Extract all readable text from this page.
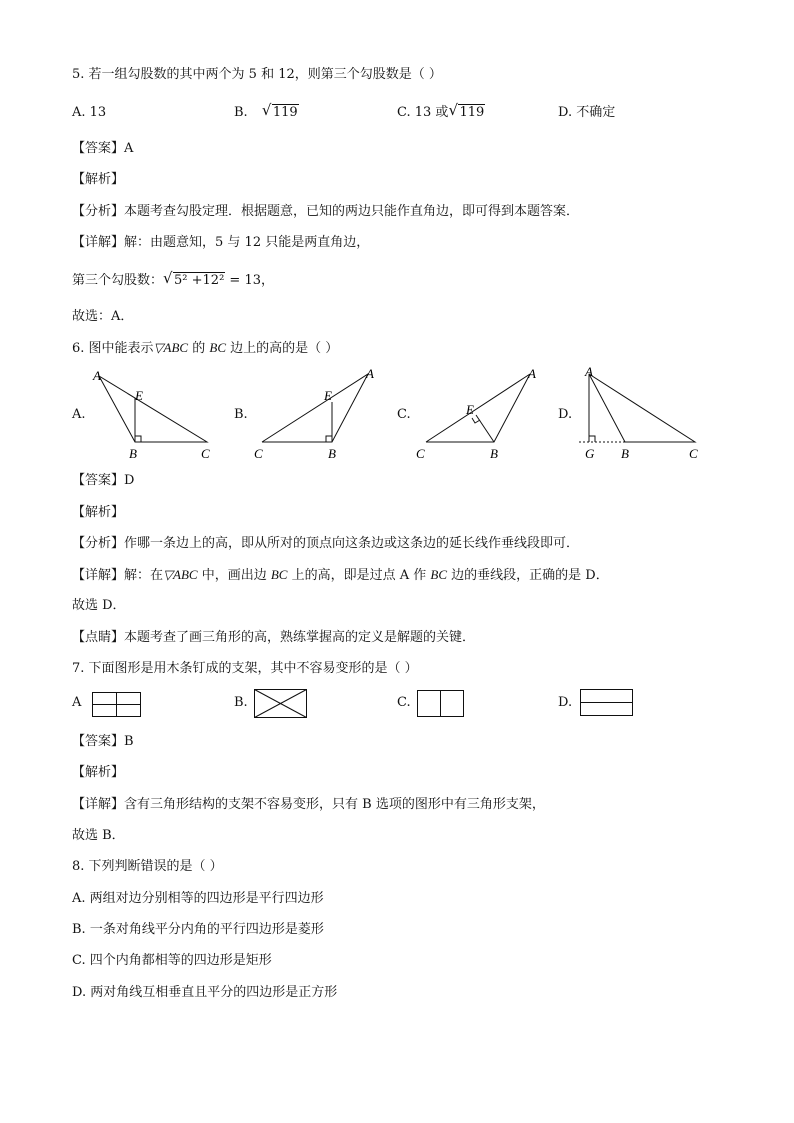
5. 若一组勾股数的其中两个为 5 和 12，则第三个勾股数是（ ）
A. 13	B. √ 119	C. 13 或 √ 119	D. 不确定
【答案】A
【解析】
【分析】本题考查勾股定理．根据题意，已知的两边只能作直角边，即可得到本题答案．
【详解】解：由题意知，5 与 12 只能是两直角边，
第三个勾股数： √ 5² +12² = 13，
故选：A．
6. 图中能表示▽ABC 的 BC 边上的高的是（ ）
A.
A
E
B	C
B.
A
E
C	B
C.
A
E
C	B
D.
A
G B	C
【答案】D
【解析】
【分析】作哪一条边上的高，即从所对的顶点向这条边或这条边的延长线作垂线段即可．
【详解】解：在▽ABC 中，画出边 BC 上的高，即是过点 A 作 BC 边的垂线段，正确的是 D．
故选 D．
【点睛】本题考查了画三角形的高，熟练掌握高的定义是解题的关键．
7. 下面图形是用木条钉成的支架，其中不容易变形的是（ ）
A	B.	C.	D.
【答案】B
【解析】
【详解】含有三角形结构的支架不容易变形，只有 B 选项的图形中有三角形支架，
故选 B．
8. 下列判断错误的是（ ）
A. 两组对边分别相等的四边形是平行四边形
B. 一条对角线平分内角的平行四边形是菱形
C. 四个内角都相等的四边形是矩形
D. 两对角线互相垂直且平分的四边形是正方形
